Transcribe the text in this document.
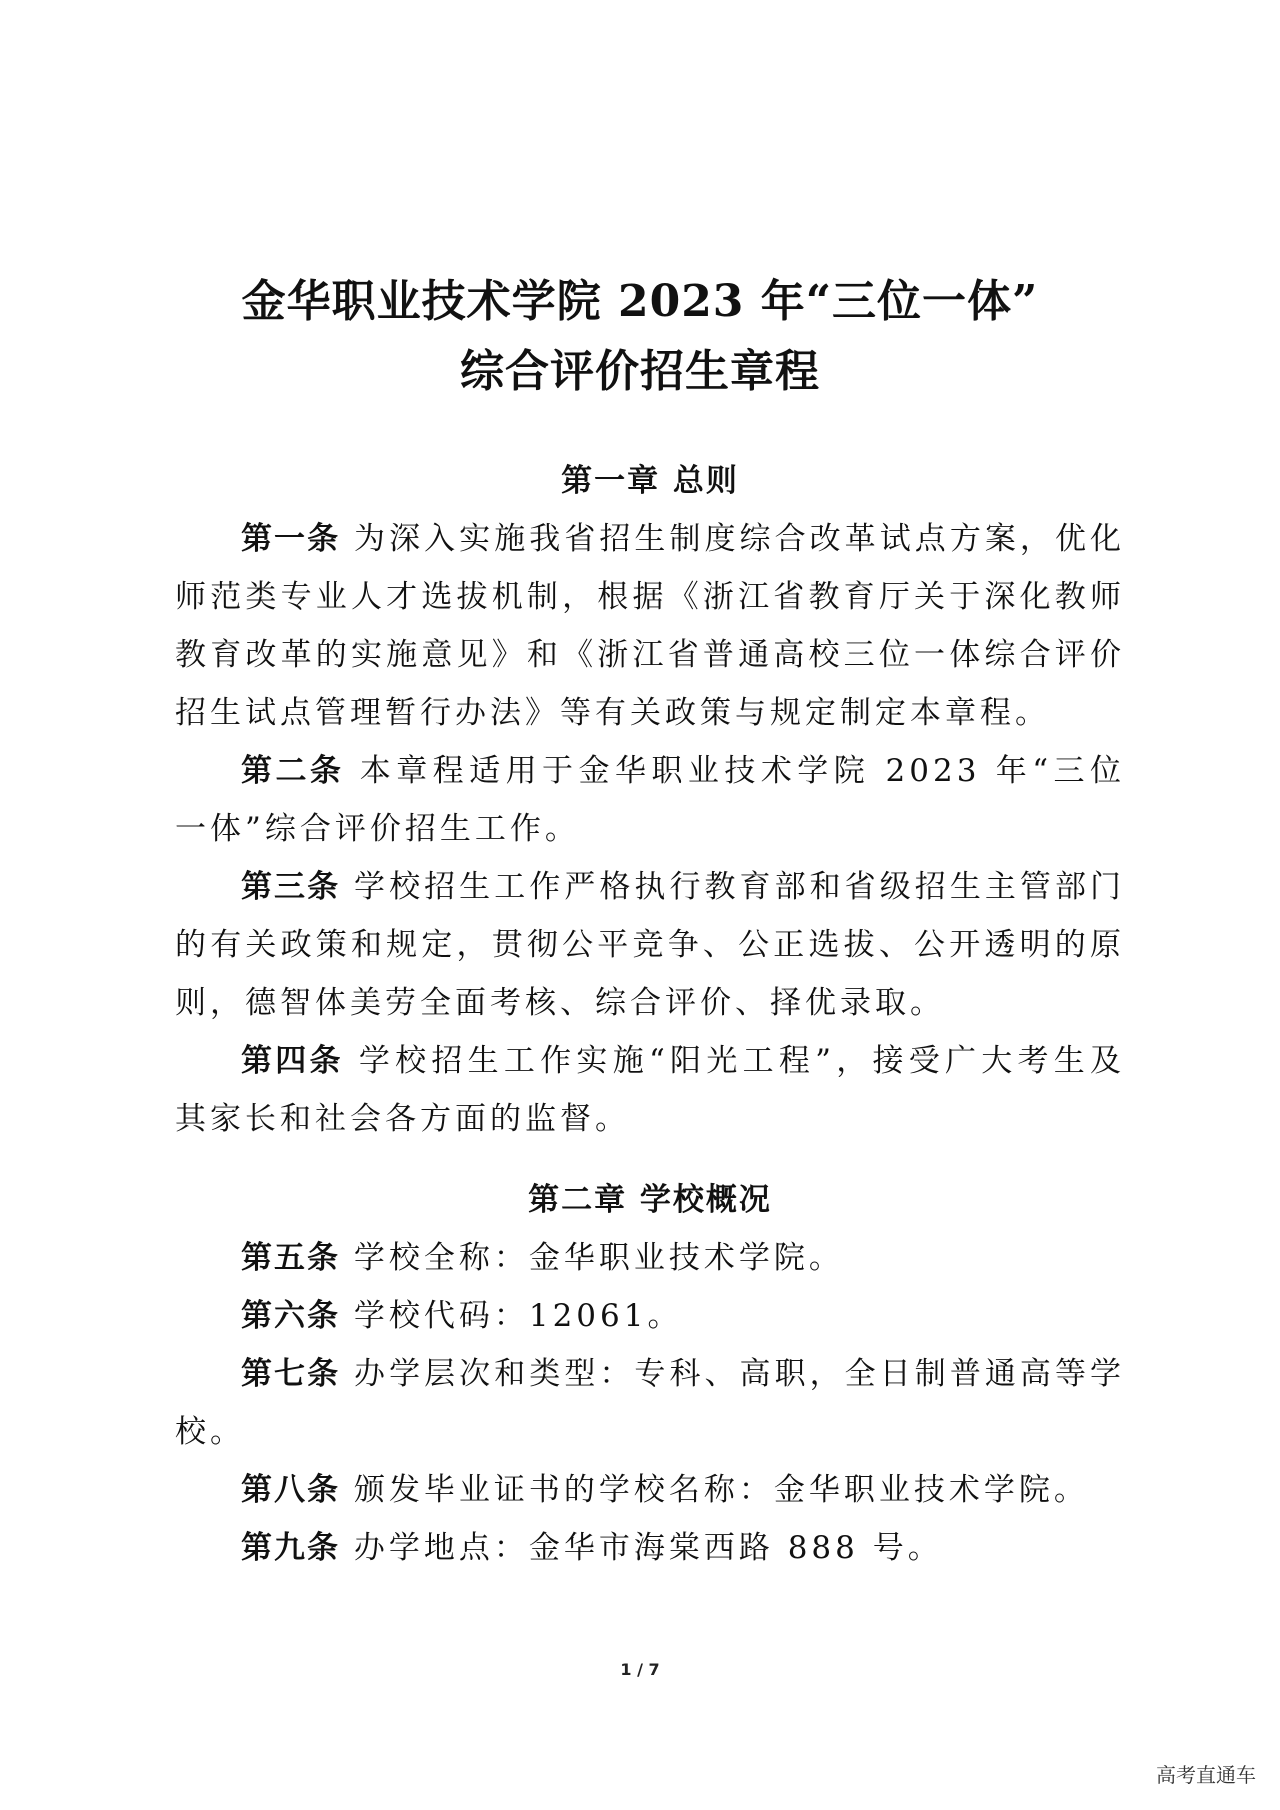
金华职业技术学院 2023 年“三位一体”
综合评价招生章程
第一章 总则

第一条 为深入实施我省招生制度综合改革试点方案，优化师范类专业人才选拔机制，根据《浙江省教育厅关于深化教师教育改革的实施意见》和《浙江省普通高校三位一体综合评价招生试点管理暂行办法》等有关政策与规定制定本章程。

第二条 本章程适用于金华职业技术学院 2023 年“三位一体”综合评价招生工作。

第三条 学校招生工作严格执行教育部和省级招生主管部门的有关政策和规定，贯彻公平竞争、公正选拔、公开透明的原则，德智体美劳全面考核、综合评价、择优录取。

第四条 学校招生工作实施“阳光工程”，接受广大考生及其家长和社会各方面的监督。

第二章 学校概况

第五条 学校全称：金华职业技术学院。

第六条 学校代码：12061。

第七条 办学层次和类型：专科、高职，全日制普通高等学校。

第八条 颁发毕业证书的学校名称：金华职业技术学院。

第九条 办学地点：金华市海棠西路 888 号。

1 / 7
高考直通车
